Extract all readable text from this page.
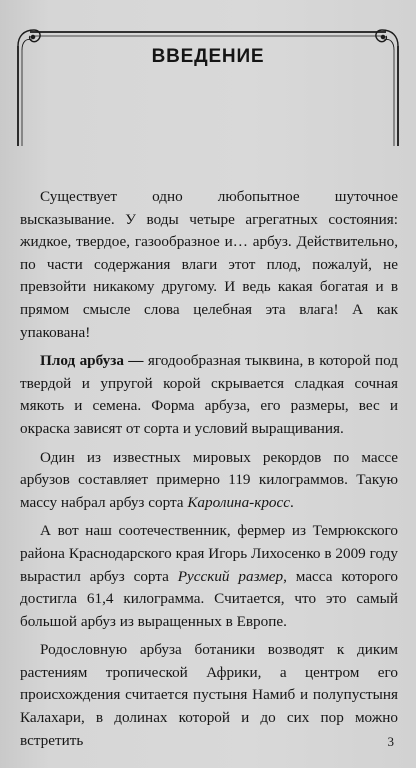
ВВЕДЕНИЕ

Существует одно любопытное шуточное высказывание. У воды четыре агрегатных состояния: жидкое, твердое, газообразное и… арбуз. Действительно, по части содержания влаги этот плод, пожалуй, не превзойти никакому другому. И ведь какая богатая и в прямом смысле слова целебная эта влага! А как упакована!

Плод арбуза — ягодообразная тыквина, в которой под твердой и упругой корой скрывается сладкая сочная мякоть и семена. Форма арбуза, его размеры, вес и окраска зависят от сорта и условий выращивания.

Один из известных мировых рекордов по массе арбузов составляет примерно 119 килограммов. Такую массу набрал арбуз сорта Каролина-кросс.

А вот наш соотечественник, фермер из Темрюкского района Краснодарского края Игорь Лихосенко в 2009 году вырастил арбуз сорта Русский размер, масса которого достигла 61,4 килограмма. Считается, что это самый большой арбуз из выращенных в Европе.

Родословную арбуза ботаники возводят к диким растениям тропической Африки, а центром его происхождения считается пустыня Намиб и полупустыня Калахари, в долинах которой и до сих пор можно встретить	3
